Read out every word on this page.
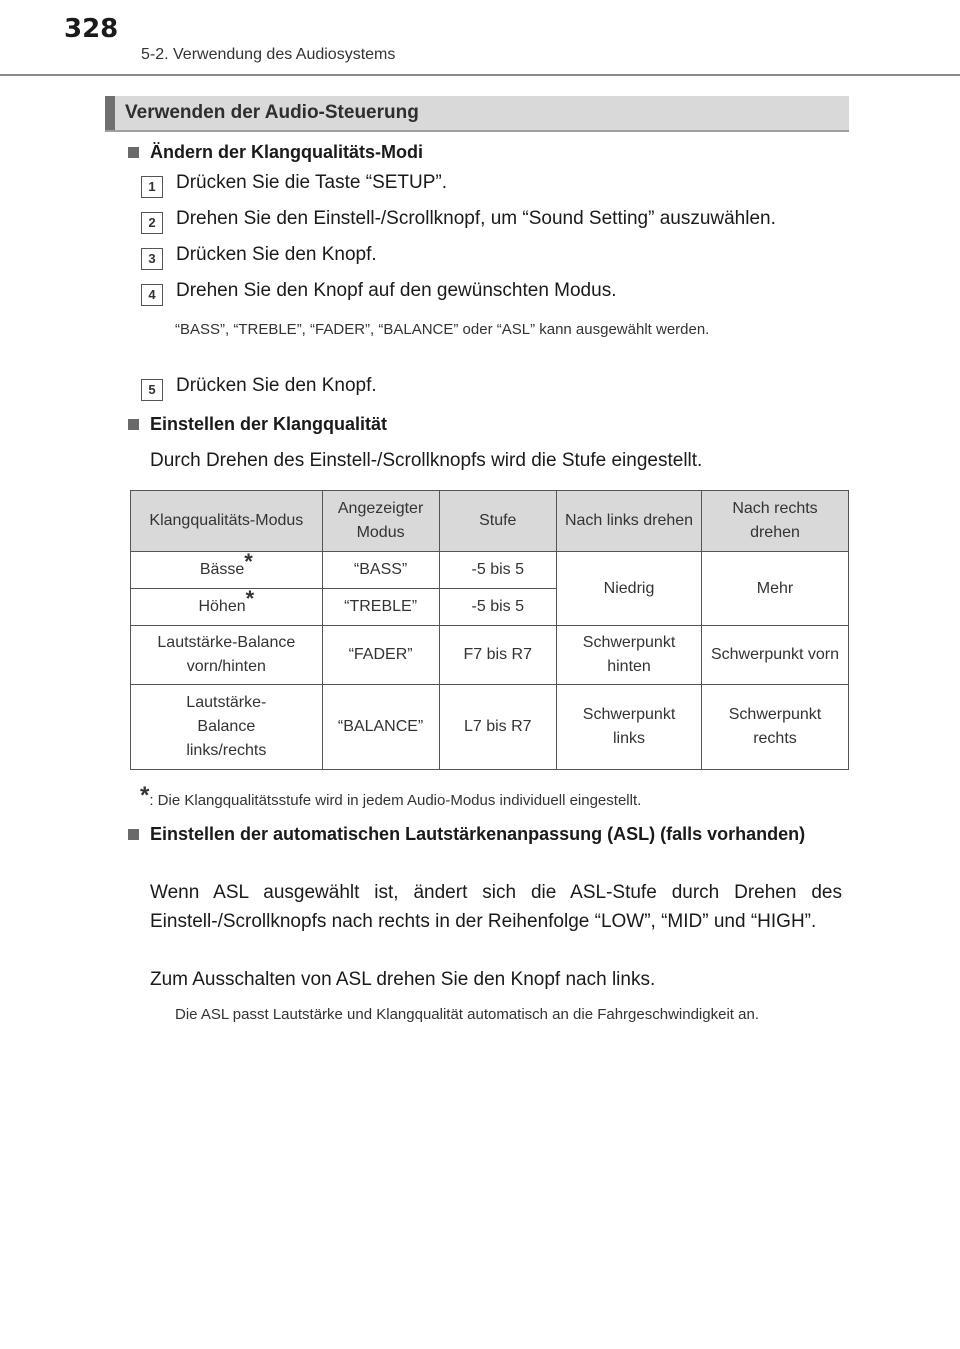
328
5-2. Verwendung des Audiosystems
Verwenden der Audio-Steuerung
Ändern der Klangqualitäts-Modi
1	Drücken Sie die Taste “SETUP”.
2	Drehen Sie den Einstell-/Scrollknopf, um “Sound Setting” auszuwählen.
3	Drücken Sie den Knopf.
4	Drehen Sie den Knopf auf den gewünschten Modus.
“BASS”, “TREBLE”, “FADER”, “BALANCE” oder “ASL” kann ausgewählt werden.
5	Drücken Sie den Knopf.
Einstellen der Klangqualität
Durch Drehen des Einstell-/Scrollknopfs wird die Stufe eingestellt.
Klangqualitäts-Modus	Angezeigter Modus	Stufe	Nach links drehen	Nach rechts drehen
Bässe*	“BASS”	-5 bis 5	Niedrig	Mehr
Höhen*	“TREBLE”	-5 bis 5		
Lautstärke-Balance vorn/hinten	“FADER”	F7 bis R7	Schwerpunkt hinten	Schwerpunkt vorn
Lautstärke-Balance links/rechts	“BALANCE”	L7 bis R7	Schwerpunkt links	Schwerpunkt rechts
*: Die Klangqualitätsstufe wird in jedem Audio-Modus individuell eingestellt.
Einstellen der automatischen Lautstärkenanpassung (ASL) (falls vorhanden)
Wenn ASL ausgewählt ist, ändert sich die ASL-Stufe durch Drehen des Einstell-/Scrollknopfs nach rechts in der Reihenfolge “LOW”, “MID” und “HIGH”.
Zum Ausschalten von ASL drehen Sie den Knopf nach links.
Die ASL passt Lautstärke und Klangqualität automatisch an die Fahrgeschwindigkeit an.
